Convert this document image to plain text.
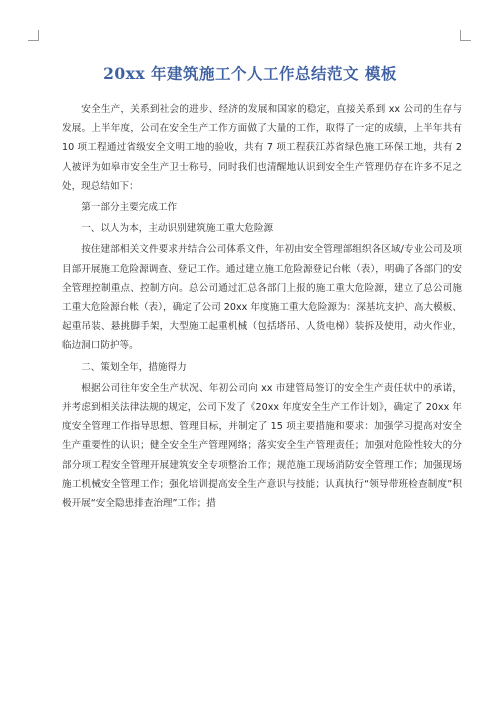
20xx 年建筑施工个人工作总结范文 模板

安全生产，关系到社会的进步、经济的发展和国家的稳定，直接关系到 xx 公司的生存与发展。上半年度，公司在安全生产工作方面做了大量的工作，取得了一定的成绩，上半年共有 10 项工程通过省级安全文明工地的验收，共有 7 项工程获江苏省绿色施工环保工地，共有 2 人被评为如皋市安全生产卫士称号，同时我们也清醒地认识到安全生产管理仍存在许多不足之处，现总结如下：

第一部分主要完成工作

一、以人为本，主动识别建筑施工重大危险源

按住建部相关文件要求并结合公司体系文件，年初由安全管理部组织各区域/专业公司及项目部开展施工危险源调查、登记工作。通过建立施工危险源登记台帐（表），明确了各部门的安全管理控制重点、控制方向。总公司通过汇总各部门上报的施工重大危险源，建立了总公司施工重大危险源台帐（表），确定了公司 20xx 年度施工重大危险源为：深基坑支护、高大模板、起重吊装、悬挑脚手架，大型施工起重机械（包括塔吊、人货电梯）装拆及使用，动火作业，临边洞口防护等。

二、策划全年，措施得力

根据公司往年安全生产状况、年初公司向 xx 市建管局签订的安全生产责任状中的承诺，并考虑到相关法律法规的规定，公司下发了《20xx 年度安全生产工作计划》，确定了 20xx 年度安全管理工作指导思想、管理目标，并制定了 15 项主要措施和要求：加强学习提高对安全生产重要性的认识；健全安全生产管理网络；落实安全生产管理责任；加强对危险性较大的分部分项工程安全管理开展建筑安全专项整治工作；规范施工现场消防安全管理工作；加强现场施工机械安全管理工作；强化培训提高安全生产意识与技能；认真执行“领导带班检查制度”积极开展“安全隐患排查治理”工作；措
